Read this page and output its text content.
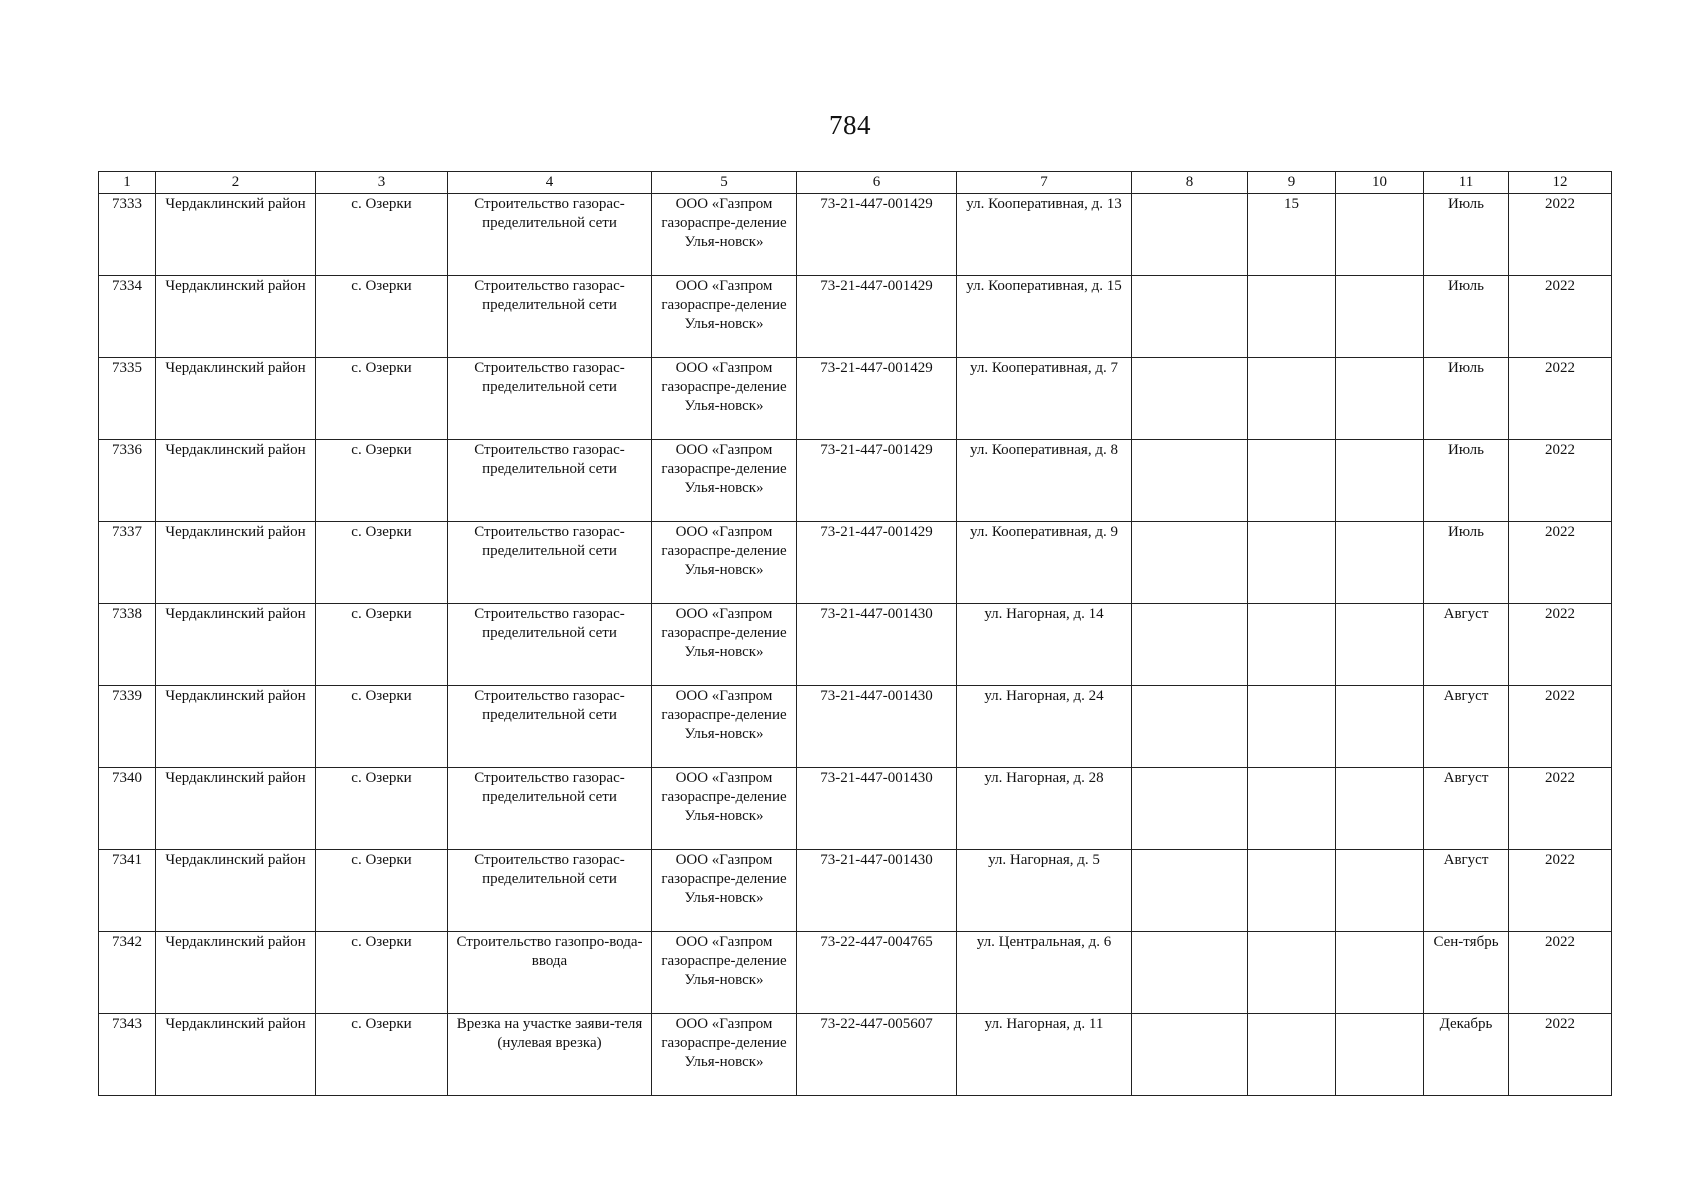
784
1	2	3	4	5	6	7	8	9	10	11	12

7333	Чердаклинский район	с. Озерки	Строительство газорас-пределительной сети	ООО «Газпром газораспре-деление Улья-новск»	73-21-447-001429	ул. Кооперативная, д. 13		15		Июль	2022

7334	Чердаклинский район	с. Озерки	Строительство газорас-пределительной сети	ООО «Газпром газораспре-деление Улья-новск»	73-21-447-001429	ул. Кооперативная, д. 15				Июль	2022

7335	Чердаклинский район	с. Озерки	Строительство газорас-пределительной сети	ООО «Газпром газораспре-деление Улья-новск»	73-21-447-001429	ул. Кооперативная, д. 7				Июль	2022

7336	Чердаклинский район	с. Озерки	Строительство газорас-пределительной сети	ООО «Газпром газораспре-деление Улья-новск»	73-21-447-001429	ул. Кооперативная, д. 8				Июль	2022

7337	Чердаклинский район	с. Озерки	Строительство газорас-пределительной сети	ООО «Газпром газораспре-деление Улья-новск»	73-21-447-001429	ул. Кооперативная, д. 9				Июль	2022

7338	Чердаклинский район	с. Озерки	Строительство газорас-пределительной сети	ООО «Газпром газораспре-деление Улья-новск»	73-21-447-001430	ул. Нагорная, д. 14				Август	2022

7339	Чердаклинский район	с. Озерки	Строительство газорас-пределительной сети	ООО «Газпром газораспре-деление Улья-новск»	73-21-447-001430	ул. Нагорная, д. 24				Август	2022

7340	Чердаклинский район	с. Озерки	Строительство газорас-пределительной сети	ООО «Газпром газораспре-деление Улья-новск»	73-21-447-001430	ул. Нагорная, д. 28				Август	2022

7341	Чердаклинский район	с. Озерки	Строительство газорас-пределительной сети	ООО «Газпром газораспре-деление Улья-новск»	73-21-447-001430	ул. Нагорная, д. 5				Август	2022

7342	Чердаклинский район	с. Озерки	Строительство газопро-вода-ввода	ООО «Газпром газораспре-деление Улья-новск»	73-22-447-004765	ул. Центральная, д. 6				Сен-тябрь	2022

7343	Чердаклинский район	с. Озерки	Врезка на участке заяви-теля (нулевая врезка)	ООО «Газпром газораспре-деление Улья-новск»	73-22-447-005607	ул. Нагорная, д. 11				Декабрь	2022
